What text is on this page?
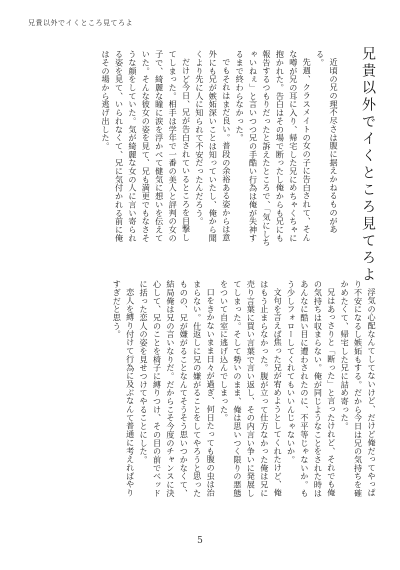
兄貴以外でイくところ見てろよ
兄貴以外でイくところ見てろよ

近頃の兄の理不尽さは腹に据えかねるものがある。

先週、クラスメイトの女の子に告白されて、そんな噂が兄の耳に入り、帰宅した兄にめちゃくちゃに抱かれた。告白はその場で断ったし俺からも兄にも報告するつもりだったと訴えたところで、「気にしちゃいねぇ」と言いつつ兄の手酷い行為は俺が失神するまで終わらなかった。

でもそれはまだ良い。普段の余裕ある姿からは意外にも兄が嫉妬深いことは知っていたし、俺から聞くより先に人に知られて不安だったんだろう。

だけど今日、兄が告白されているところを目撃してしまった。相手は学年で一番の美人と評判の女の子で、綺麗な瞳に涙を浮かべて健気に想いを伝えていた。そんな彼女の姿を見て、兄も満更でもなさそうな顔をしていた。気が綺麗な女の人に言い寄られる姿を見て、いられなくて、兄に気付かれる前に俺はその場から逃げ出した。

浮気の心配なんてしてないけど、だけど俺だってやっぱり不安になるし嫉妬もする。だから今日は兄の気持ちを確かめたくて、帰宅した兄に詰め寄った。

兄はあっさりと「断った」と言ったけれど、それでも俺の気持ちは収まらない。俺が同じようなことをされた時はあんなに酷い目に遭わされたのに、不平等じゃないか。もう少しフォローしてくれてもいいんじゃないか。

文句を言えば焦った兄が宥めようとしてくれたけど、俺はもう止まらなかった。腹が立って仕方なかった俺は兄に売り言葉に買い言葉で言い返し、その内言い争いに発展してしまった。そして勢いのまま、俺は思いつく限りの悪態をついて自室に逃げ込んでしまった。

口をきかないまま日々が過ぎ、何日たっても腹の虫は治まらない。仕返しに兄の嫌がることをしてやろうと思ったものの、兄が嫌がることなんてそうそう思いつかなくて、結局俺は兄の言いなりだ。だからこそ今度のチャンスに決心して、兄のことを椅子に縛りつけ、その目の前でベッドに括った恋人の姿を見せつけてやることにした。

恋人を縛り付けて行為に及ぶなんて普通に考えればやりすぎだと思う。

5
